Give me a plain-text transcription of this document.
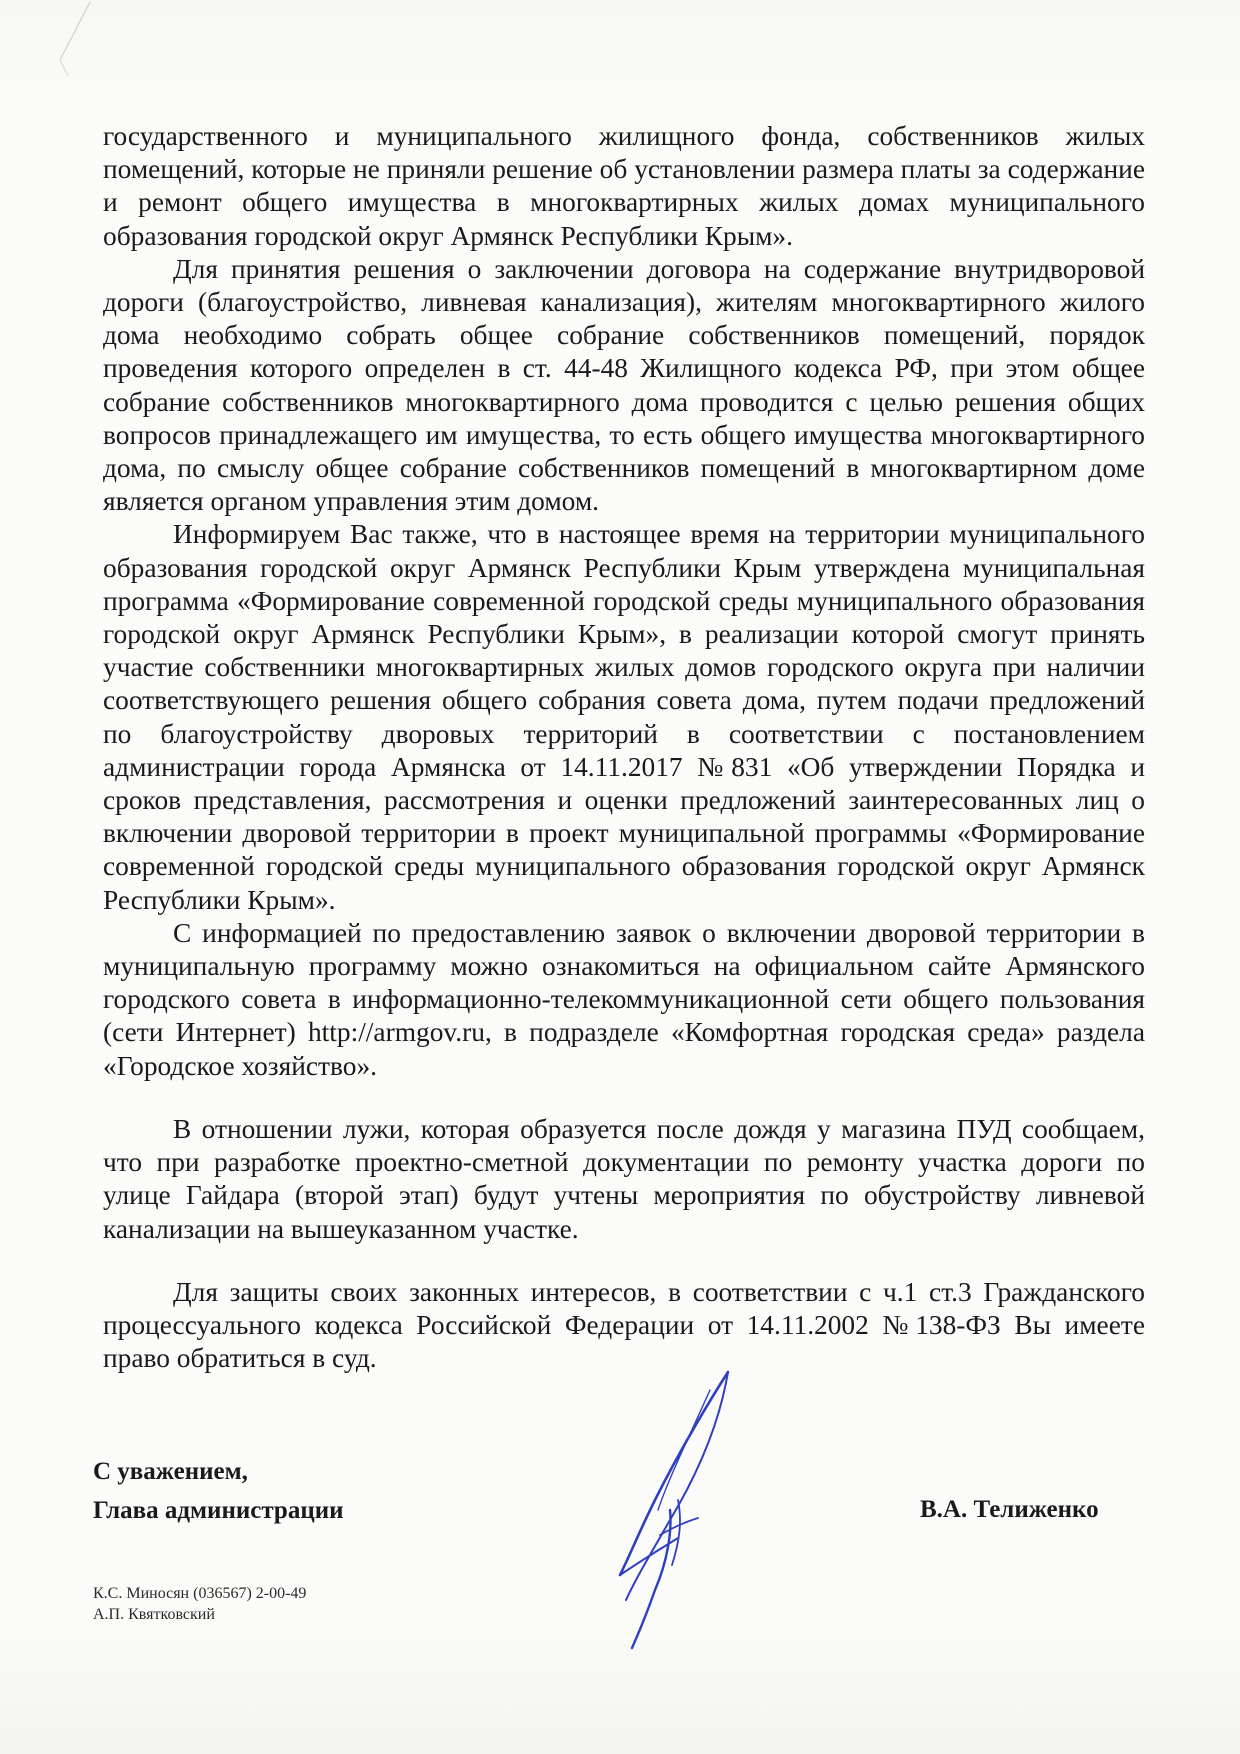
государственного и муниципального жилищного фонда, собственников жилых помещений, которые не приняли решение об установлении размера платы за содержание и ремонт общего имущества в многоквартирных жилых домах муниципального образования городской округ Армянск Республики Крым».

Для принятия решения о заключении договора на содержание внутридворовой дороги (благоустройство, ливневая канализация), жителям многоквартирного жилого дома необходимо собрать общее собрание собственников помещений, порядок проведения которого определен в ст. 44-48 Жилищного кодекса РФ, при этом общее собрание собственников многоквартирного дома проводится с целью решения общих вопросов принадлежащего им имущества, то есть общего имущества многоквартирного дома, по смыслу общее собрание собственников помещений в многоквартирном доме является органом управления этим домом.

Информируем Вас также, что в настоящее время на территории муниципального образования городской округ Армянск Республики Крым утверждена муниципальная программа «Формирование современной городской среды муниципального образования городской округ Армянск Республики Крым», в реализации которой смогут принять участие собственники многоквартирных жилых домов городского округа при наличии соответствующего решения общего собрания совета дома, путем подачи предложений по благоустройству дворовых территорий в соответствии с постановлением администрации города Армянска от 14.11.2017 №831 «Об утверждении Порядка и сроков представления, рассмотрения и оценки предложений заинтересованных лиц о включении дворовой территории в проект муниципальной программы «Формирование современной городской среды муниципального образования городской округ Армянск Республики Крым».

С информацией по предоставлению заявок о включении дворовой территории в муниципальную программу можно ознакомиться на официальном сайте Армянского городского совета в информационно-телекоммуникационной сети общего пользования (сети Интернет) http://armgov.ru, в подразделе «Комфортная городская среда» раздела «Городское хозяйство».

В отношении лужи, которая образуется после дождя у магазина ПУД сообщаем, что при разработке проектно-сметной документации по ремонту участка дороги по улице Гайдара (второй этап) будут учтены мероприятия по обустройству ливневой канализации на вышеуказанном участке.

Для защиты своих законных интересов, в соответствии с ч.1 ст.3 Гражданского процессуального кодекса Российской Федерации от 14.11.2002 №138-ФЗ Вы имеете право обратиться в суд.

С уважением,
Глава администрации	В.А. Телиженко
К.С. Миносян (036567) 2-00-49
А.П. Квятковский
